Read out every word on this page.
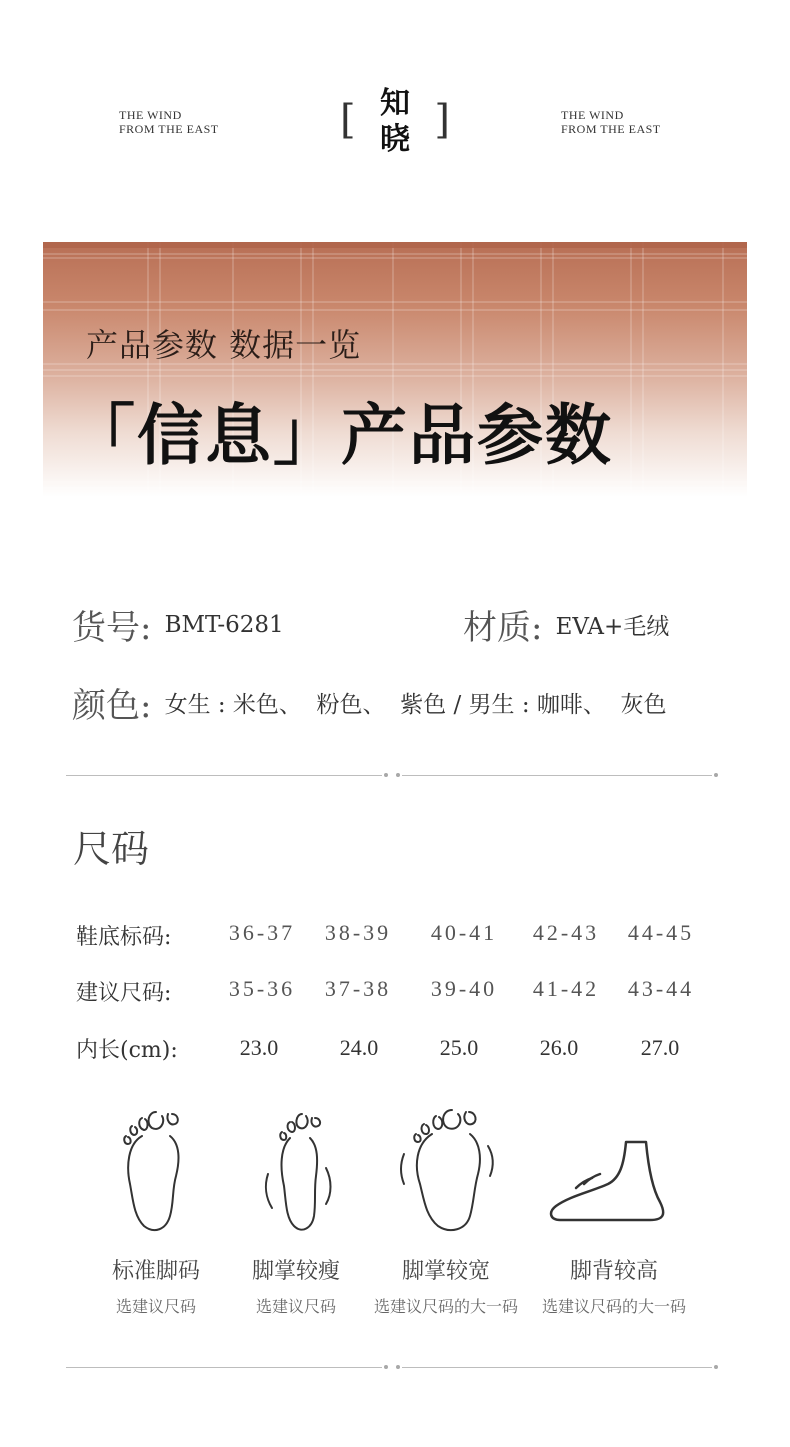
THE WIND
FROM THE EAST	[ 知
晓 ]	THE WIND
FROM THE EAST
产品参数 数据一览
「信息」产品参数
货号: BMT-6281	材质: EVA+毛绒
颜色: 女生 : 米色、  粉色、  紫色 / 男生 : 咖啡、  灰色
尺码
鞋底标码:	36-37	38-39	40-41	42-43	44-45
建议尺码:	35-36	37-38	39-40	41-42	43-44
内长(cm):	23.0	24.0	25.0	26.0	27.0
标准脚码
选建议尺码
脚掌较瘦
选建议尺码
脚掌较宽
选建议尺码的大一码
脚背较高
选建议尺码的大一码
